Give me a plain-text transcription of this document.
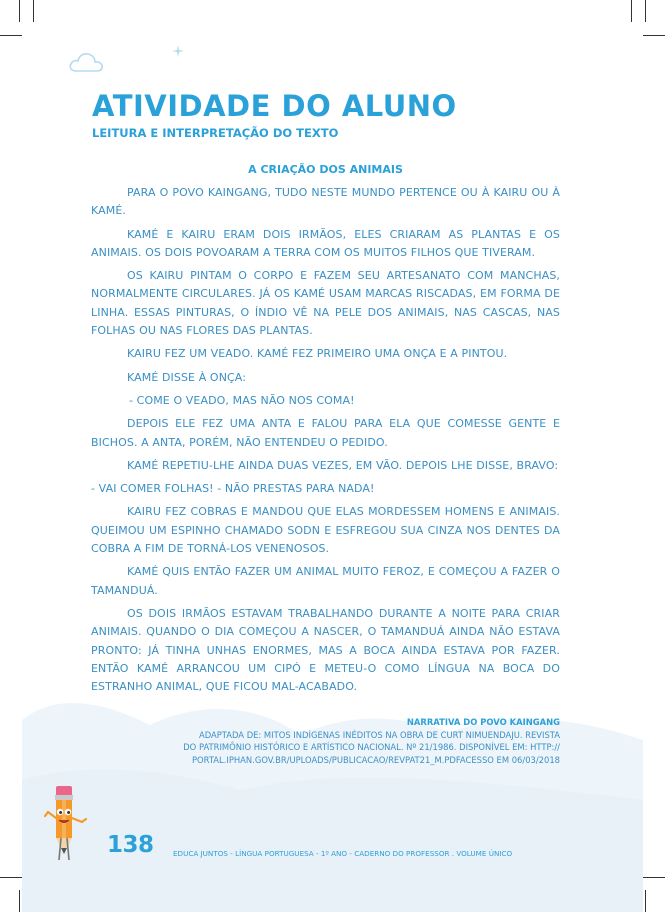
ATIVIDADE DO ALUNO
LEITURA E INTERPRETAÇÃO DO TEXTO
A CRIAÇÃO DOS ANIMAIS

PARA O POVO KAINGANG, TUDO NESTE MUNDO PERTENCE OU À KAIRU OU À KAMÉ.

KAMÉ E KAIRU ERAM DOIS IRMÃOS, ELES CRIARAM AS PLANTAS E OS ANIMAIS. OS DOIS POVOARAM A TERRA COM OS MUITOS FILHOS QUE TIVERAM.

OS KAIRU PINTAM O CORPO E FAZEM SEU ARTESANATO COM MANCHAS, NORMALMENTE CIRCULARES. JÁ OS KAMÉ USAM MARCAS RISCADAS, EM FORMA DE LINHA. ESSAS PINTURAS, O ÍNDIO VÊ NA PELE DOS ANIMAIS, NAS CASCAS, NAS FOLHAS OU NAS FLORES DAS PLANTAS.

KAIRU FEZ UM VEADO. KAMÉ FEZ PRIMEIRO UMA ONÇA E A PINTOU.

KAMÉ DISSE À ONÇA:

- COME O VEADO, MAS NÃO NOS COMA!

DEPOIS ELE FEZ UMA ANTA E FALOU PARA ELA QUE COMESSE GENTE E BICHOS. A ANTA, PORÉM, NÃO ENTENDEU O PEDIDO.

KAMÉ REPETIU-LHE AINDA DUAS VEZES, EM VÃO. DEPOIS LHE DISSE, BRAVO:

- VAI COMER FOLHAS! - NÃO PRESTAS PARA NADA!

KAIRU FEZ COBRAS E MANDOU QUE ELAS MORDESSEM HOMENS E ANIMAIS. QUEIMOU UM ESPINHO CHAMADO SODN E ESFREGOU SUA CINZA NOS DENTES DA COBRA A FIM DE TORNÁ-LOS VENENOSOS.

KAMÉ QUIS ENTÃO FAZER UM ANIMAL MUITO FEROZ, E COMEÇOU A FAZER O TAMANDUÁ.

OS DOIS IRMÃOS ESTAVAM TRABALHANDO DURANTE A NOITE PARA CRIAR ANIMAIS. QUANDO O DIA COMEÇOU A NASCER, O TAMANDUÁ AINDA NÃO ESTAVA PRONTO: JÁ TINHA UNHAS ENORMES, MAS A BOCA AINDA ESTAVA POR FAZER. ENTÃO KAMÉ ARRANCOU UM CIPÓ E METEU-O COMO LÍNGUA NA BOCA DO ESTRANHO ANIMAL, QUE FICOU MAL-ACABADO.

NARRATIVA DO POVO KAINGANG
ADAPTADA DE: MITOS INDÍGENAS INÉDITOS NA OBRA DE CURT NIMUENDAJU. REVISTA
DO PATRIMÔNIO HISTÓRICO E ARTÍSTICO NACIONAL. Nº 21/1986. DISPONÍVEL EM: HTTP://
PORTAL.IPHAN.GOV.BR/UPLOADS/PUBLICACAO/REVPAT21_M.PDFACESSO EM 06/03/2018
138	EDUCA JUNTOS - LÍNGUA PORTUGUESA - 1º ANO - CADERNO DO PROFESSOR . VOLUME ÚNICO
